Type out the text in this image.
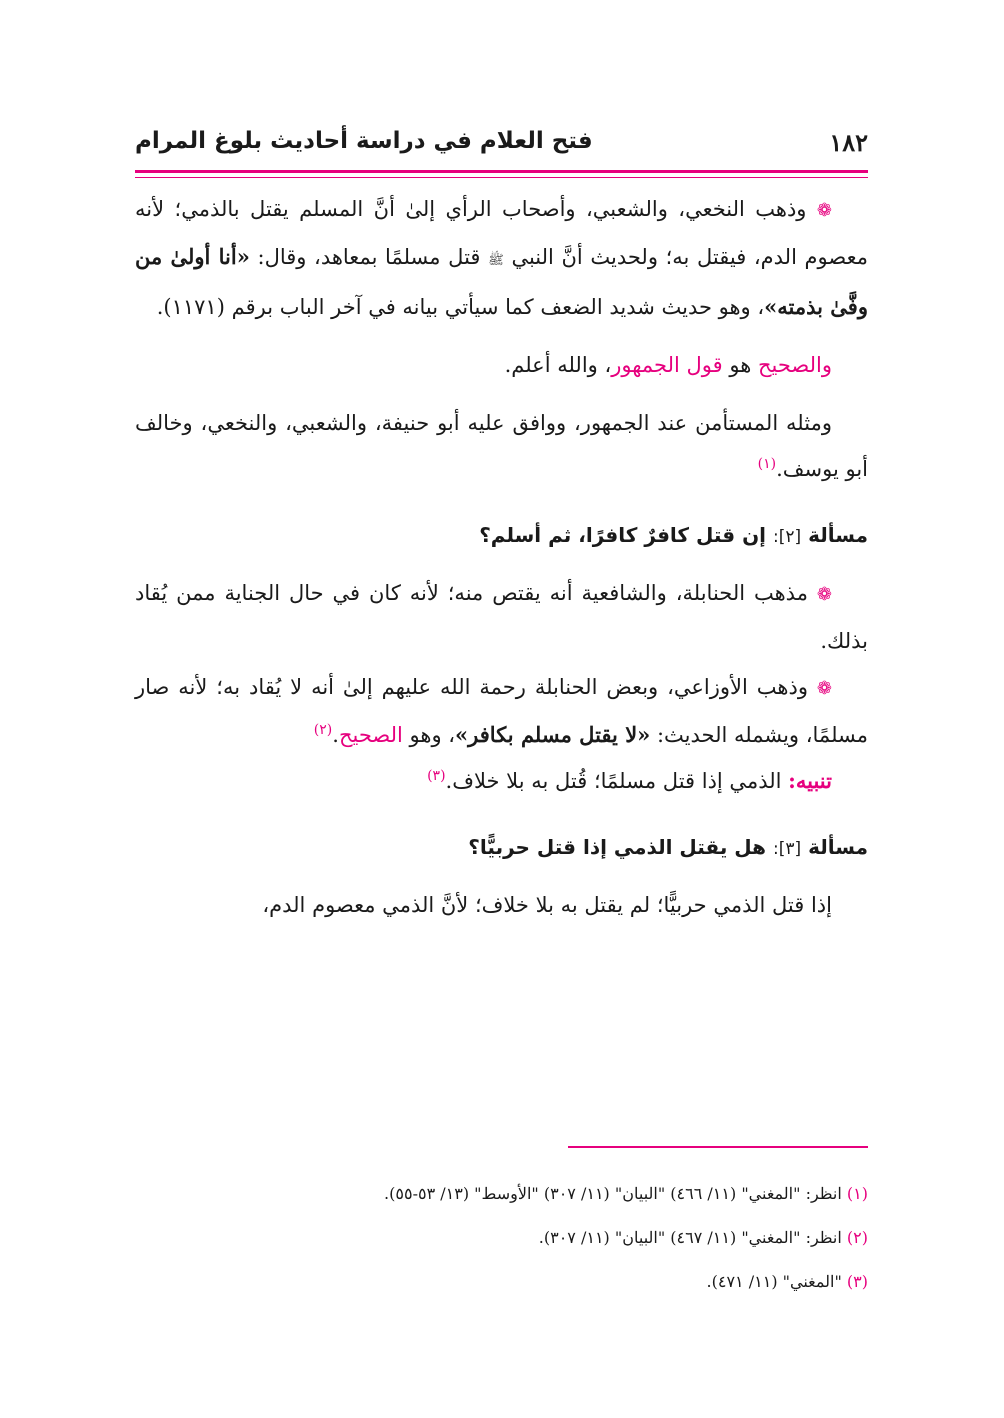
١٨٢
فتح العلام في دراسة أحاديث بلوغ المرام

❁ وذهب النخعي، والشعبي، وأصحاب الرأي إلىٰ أنَّ المسلم يقتل بالذمي؛ لأنه معصوم الدم، فيقتل به؛ ولحديث أنَّ النبي ﷺ قتل مسلمًا بمعاهد، وقال: «أنا أولىٰ من وفَّىٰ بذمته»، وهو حديث شديد الضعف كما سيأتي بيانه في آخر الباب برقم (١١٧١).

والصحيح هو قول الجمهور، والله أعلم.

ومثله المستأمن عند الجمهور، ووافق عليه أبو حنيفة، والشعبي، والنخعي، وخالف أبو يوسف.$^{(١)}$

مسألة [٢]: إن قتل كافرٌ كافرًا، ثم أسلم؟

❁ مذهب الحنابلة، والشافعية أنه يقتص منه؛ لأنه كان في حال الجناية ممن يُقاد بذلك.

❁ وذهب الأوزاعي، وبعض الحنابلة رحمة الله عليهم إلىٰ أنه لا يُقاد به؛ لأنه صار مسلمًا، ويشمله الحديث: «لا يقتل مسلم بكافر»، وهو الصحيح.$^{(٢)}$

تنبيه: الذمي إذا قتل مسلمًا؛ قُتل به بلا خلاف.$^{(٣)}$

مسألة [٣]: هل يقتل الذمي إذا قتل حربيًّا؟

إذا قتل الذمي حربيًّا؛ لم يقتل به بلا خلاف؛ لأنَّ الذمي معصوم الدم،

(١) انظر: "المغني" (١١/ ٤٦٦) "البيان" (١١/ ٣٠٧) "الأوسط" (١٣/ ٥٣-٥٥).

(٢) انظر: "المغني" (١١/ ٤٦٧) "البيان" (١١/ ٣٠٧).

(٣) "المغني" (١١/ ٤٧١).
